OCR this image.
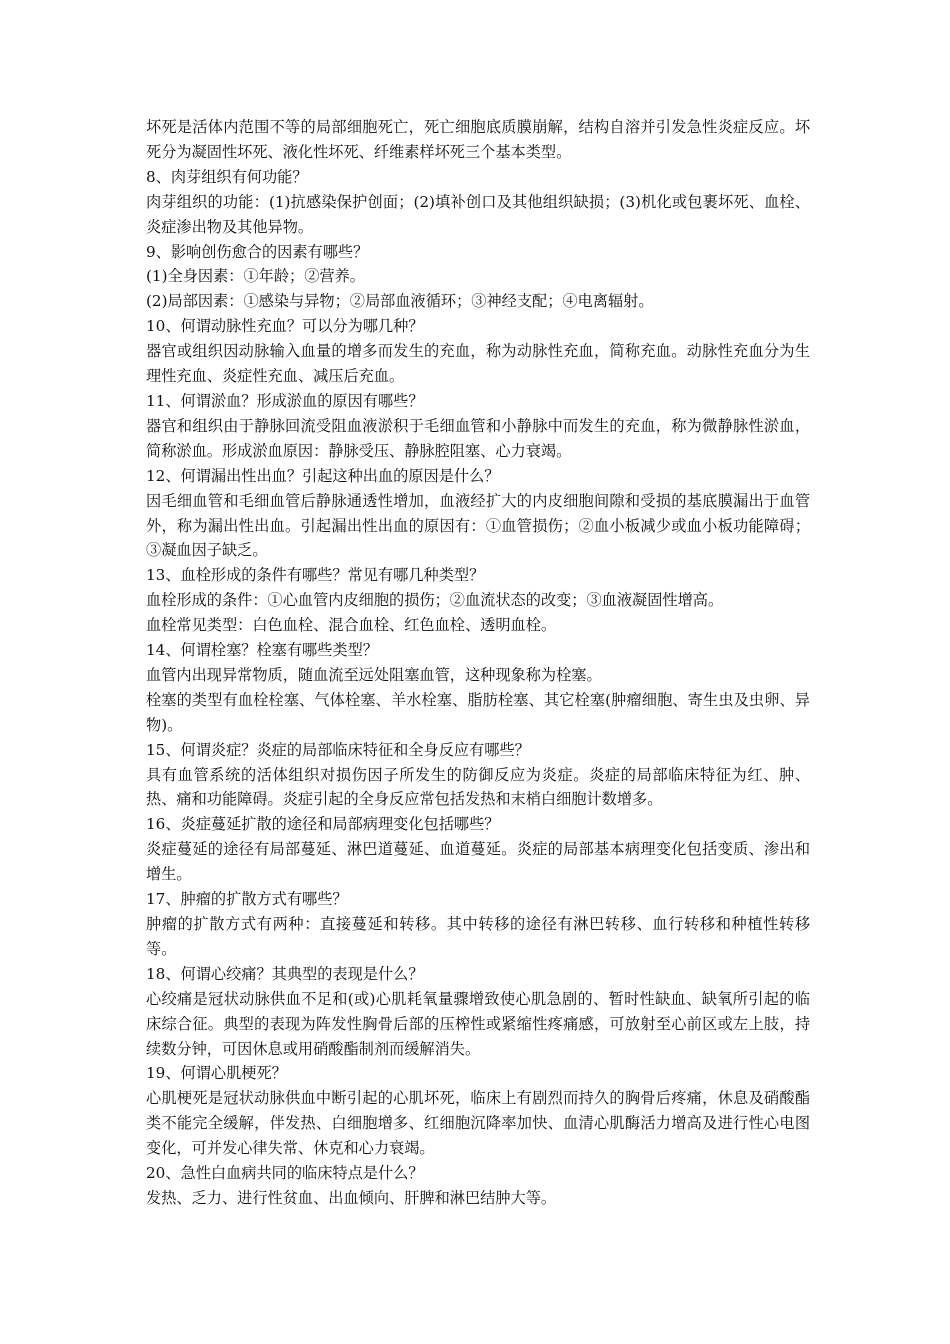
坏死是活体内范围不等的局部细胞死亡，死亡细胞底质膜崩解，结构自溶并引发急性炎症反应。坏死分为凝固性坏死、液化性坏死、纤维素样坏死三个基本类型。

8、肉芽组织有何功能？

肉芽组织的功能：(1)抗感染保护创面；(2)填补创口及其他组织缺损；(3)机化或包裹坏死、血栓、炎症渗出物及其他异物。

9、影响创伤愈合的因素有哪些？

(1)全身因素：①年龄；②营养。

(2)局部因素：①感染与异物；②局部血液循环；③神经支配；④电离辐射。

10、何谓动脉性充血？可以分为哪几种？

器官或组织因动脉输入血量的增多而发生的充血，称为动脉性充血，简称充血。动脉性充血分为生理性充血、炎症性充血、减压后充血。

11、何谓淤血？形成淤血的原因有哪些？

器官和组织由于静脉回流受阻血液淤积于毛细血管和小静脉中而发生的充血，称为微静脉性淤血，简称淤血。形成淤血原因：静脉受压、静脉腔阻塞、心力衰竭。

12、何谓漏出性出血？引起这种出血的原因是什么？

因毛细血管和毛细血管后静脉通透性增加，血液经扩大的内皮细胞间隙和受损的基底膜漏出于血管外，称为漏出性出血。引起漏出性出血的原因有：①血管损伤；②血小板减少或血小板功能障碍；③凝血因子缺乏。

13、血栓形成的条件有哪些？常见有哪几种类型？

血栓形成的条件：①心血管内皮细胞的损伤；②血流状态的改变；③血液凝固性增高。

血栓常见类型：白色血栓、混合血栓、红色血栓、透明血栓。

14、何谓栓塞？栓塞有哪些类型？

血管内出现异常物质，随血流至远处阻塞血管，这种现象称为栓塞。

栓塞的类型有血栓栓塞、气体栓塞、羊水栓塞、脂肪栓塞、其它栓塞(肿瘤细胞、寄生虫及虫卵、异物)。

15、何谓炎症？炎症的局部临床特征和全身反应有哪些？

具有血管系统的活体组织对损伤因子所发生的防御反应为炎症。炎症的局部临床特征为红、肿、热、痛和功能障碍。炎症引起的全身反应常包括发热和末梢白细胞计数增多。

16、炎症蔓延扩散的途径和局部病理变化包括哪些？

炎症蔓延的途径有局部蔓延、淋巴道蔓延、血道蔓延。炎症的局部基本病理变化包括变质、渗出和增生。

17、肿瘤的扩散方式有哪些？

肿瘤的扩散方式有两种：直接蔓延和转移。其中转移的途径有淋巴转移、血行转移和种植性转移等。

18、何谓心绞痛？其典型的表现是什么？

心绞痛是冠状动脉供血不足和(或)心肌耗氧量骤增致使心肌急剧的、暂时性缺血、缺氧所引起的临床综合征。典型的表现为阵发性胸骨后部的压榨性或紧缩性疼痛感，可放射至心前区或左上肢，持续数分钟，可因休息或用硝酸酯制剂而缓解消失。

19、何谓心肌梗死？

心肌梗死是冠状动脉供血中断引起的心肌坏死，临床上有剧烈而持久的胸骨后疼痛，休息及硝酸酯类不能完全缓解，伴发热、白细胞增多、红细胞沉降率加快、血清心肌酶活力增高及进行性心电图变化，可并发心律失常、休克和心力衰竭。

20、急性白血病共同的临床特点是什么？

发热、乏力、进行性贫血、出血倾向、肝脾和淋巴结肿大等。
